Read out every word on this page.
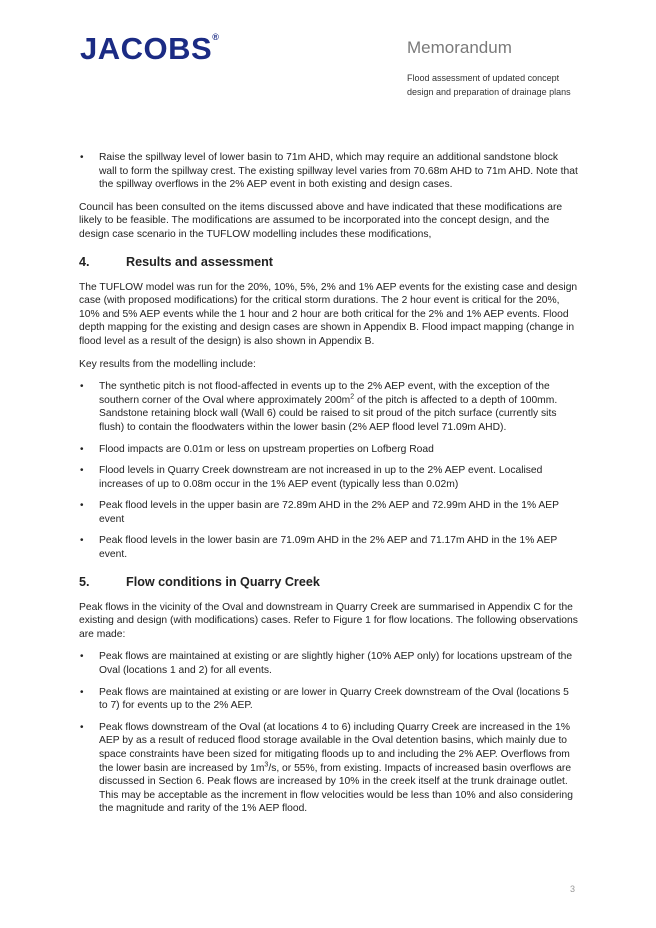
JACOBS®
Memorandum
Flood assessment of updated concept design and preparation of drainage plans
• Raise the spillway level of lower basin to 71m AHD, which may require an additional sandstone block wall to form the spillway crest. The existing spillway level varies from 70.68m AHD to 71m AHD. Note that the spillway overflows in the 2% AEP event in both existing and design cases.

Council has been consulted on the items discussed above and have indicated that these modifications are likely to be feasible. The modifications are assumed to be incorporated into the concept design, and the design case scenario in the TUFLOW modelling includes these modifications,

4.	Results and assessment

The TUFLOW model was run for the 20%, 10%, 5%, 2% and 1% AEP events for the existing case and design case (with proposed modifications) for the critical storm durations. The 2 hour event is critical for the 20%, 10% and 5% AEP events while the 1 hour and 2 hour are both critical for the 2% and 1% AEP events. Flood depth mapping for the existing and design cases are shown in Appendix B. Flood impact mapping (change in flood level as a result of the design) is also shown in Appendix B.

Key results from the modelling include:

• The synthetic pitch is not flood-affected in events up to the 2% AEP event, with the exception of the southern corner of the Oval where approximately $200m^2$ of the pitch is affected to a depth of 100mm. Sandstone retaining block wall (Wall 6) could be raised to sit proud of the pitch surface (currently sits flush) to contain the floodwaters within the lower basin (2% AEP flood level 71.09m AHD).
• Flood impacts are 0.01m or less on upstream properties on Lofberg Road
• Flood levels in Quarry Creek downstream are not increased in up to the 2% AEP event. Localised increases of up to 0.08m occur in the 1% AEP event (typically less than 0.02m)
• Peak flood levels in the upper basin are 72.89m AHD in the 2% AEP and 72.99m AHD in the 1% AEP event
• Peak flood levels in the lower basin are 71.09m AHD in the 2% AEP and 71.17m AHD in the 1% AEP event.
5.	Flow conditions in Quarry Creek

Peak flows in the vicinity of the Oval and downstream in Quarry Creek are summarised in Appendix C for the existing and design (with modifications) cases. Refer to Figure 1 for flow locations. The following observations are made:

• Peak flows are maintained at existing or are slightly higher (10% AEP only) for locations upstream of the Oval (locations 1 and 2) for all events.
• Peak flows are maintained at existing or are lower in Quarry Creek downstream of the Oval (locations 5 to 7) for events up to the 2% AEP.
• Peak flows downstream of the Oval (at locations 4 to 6) including Quarry Creek are increased in the 1% AEP by as a result of reduced flood storage available in the Oval detention basins, which mainly due to space constraints have been sized for mitigating floods up to and including the 2% AEP. Overflows from the lower basin are increased by $1m^3/s$, or 55%, from existing. Impacts of increased basin overflows are discussed in Section 6. Peak flows are increased by 10% in the creek itself at the trunk drainage outlet. This may be acceptable as the increment in flow velocities would be less than 10% and also considering the magnitude and rarity of the 1% AEP flood.
3
